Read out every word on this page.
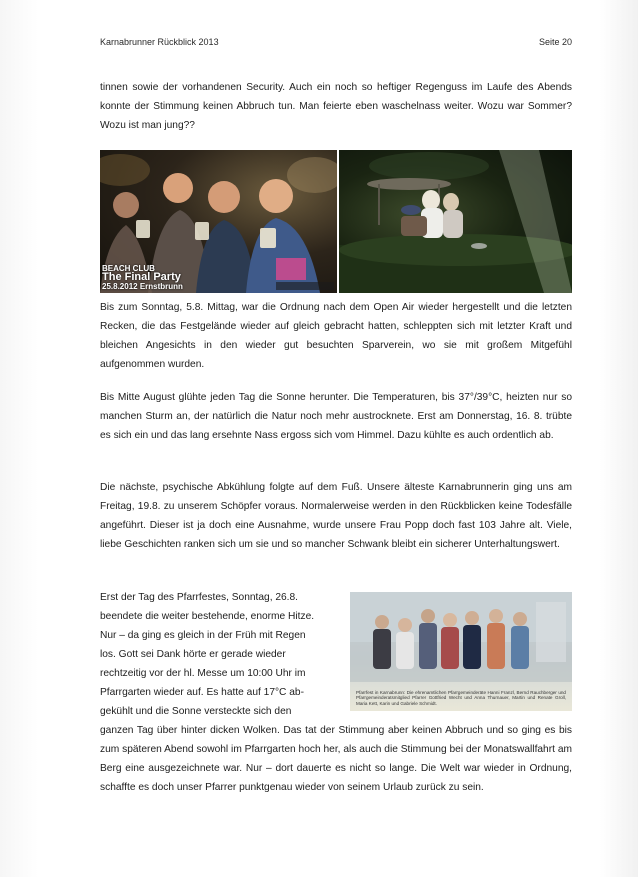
Karnabrunner Rückblick 2013	Seite 20

tinnen sowie der vorhandenen Security. Auch ein noch so heftiger Regenguss im Laufe des Abends konnte der Stimmung keinen Abbruch tun. Man feierte eben waschelnass weiter. Wozu war Sommer? Wozu ist man jung??

BEACH CLUB
The Final Party
25.8.2012 Ernstbrunn

Bis zum Sonntag, 5.8. Mittag, war die Ordnung nach dem Open Air wieder hergestellt und die letzten Recken, die das Festgelände wieder auf gleich gebracht hatten, schleppten sich mit letzter Kraft und bleichen Angesichts in den wieder gut besuchten Sparverein, wo sie mit großem Mitgefühl aufgenommen wurden.

Bis Mitte August glühte jeden Tag die Sonne herunter. Die Temperaturen, bis 37°/39°C, heizten nur so manchen Sturm an, der natürlich die Natur noch mehr austrocknete. Erst am Donnerstag, 16. 8. trübte es sich ein und das lang ersehnte Nass ergoss sich vom Himmel. Dazu kühlte es auch ordentlich ab.

Die nächste, psychische Abkühlung folgte auf dem Fuß. Unsere älteste Karnabrunnerin ging uns am Freitag, 19.8. zu unserem Schöpfer voraus. Normalerweise werden in den Rückblicken keine Todesfälle angeführt. Dieser ist ja doch eine Ausnahme, wurde unsere Frau Popp doch fast 103 Jahre alt. Viele, liebe Geschichten ranken sich um sie und so mancher Schwank bleibt ein sicherer Unterhaltungswert.

Erst der Tag des Pfarrfestes, Sonntag, 26.8.
beendete die weiter bestehende, enorme Hitze.
Nur – da ging es gleich in der Früh mit Regen
los. Gott sei Dank hörte er gerade wieder
rechtzeitig vor der hl. Messe um 10:00 Uhr im
Pfarrgarten wieder auf. Es hatte auf 17°C ab-
gekühlt und die Sonne versteckte sich den
ganzen Tag über hinter dicken Wolken. Das tat der Stimmung aber keinen Abbruch und so ging es bis zum späteren Abend sowohl im Pfarrgarten hoch her, als auch die Stimmung bei der Monatswallfahrt am Berg eine ausgezeichnete war. Nur – dort dauerte es nicht so lange. Die Welt war wieder in Ordnung, schaffte es doch unser Pfarrer punktgenau wieder von seinem Urlaub zurück zu sein.

Pfarrfest in Karnabrunn: Die ehrenamtlichen Pfarrgemeinderäte Hanni Franzl, Bernd Rauchberger und Pfarrgemeinderatsmitglied Pfarrer Gottfried Wecht und Anna Thurnauer, Martin und Renate Groll, Maria Kett, Karin und Gabriele Schmidt.
